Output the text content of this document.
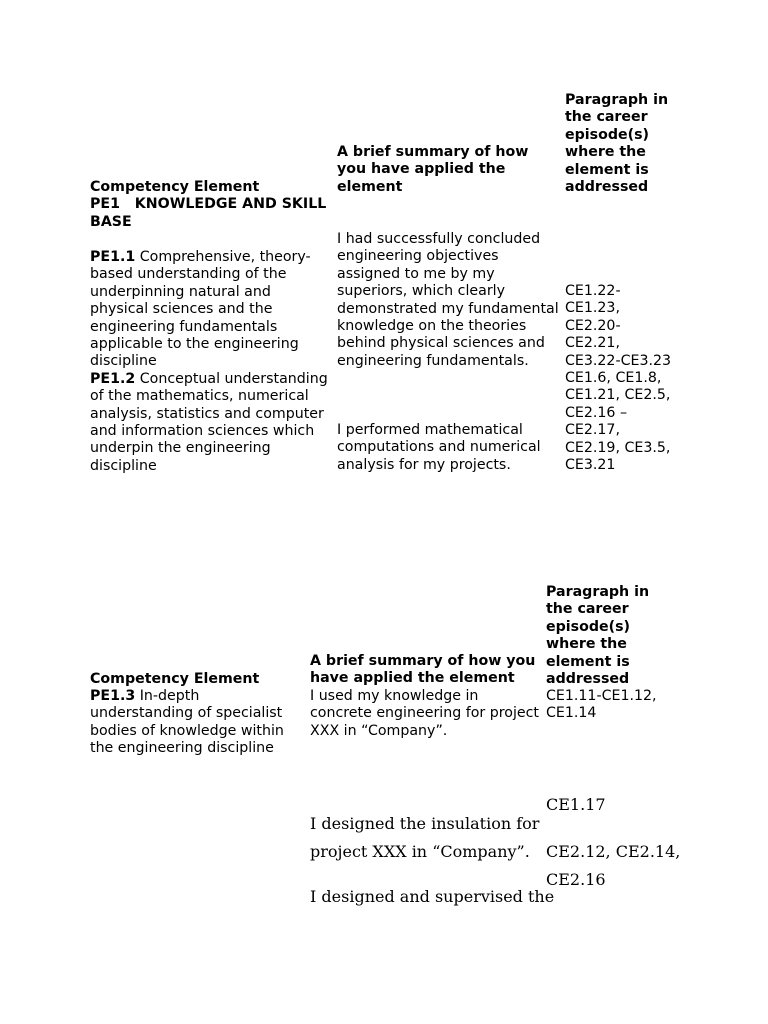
Competency Element
PE1   KNOWLEDGE AND SKILL
BASE
PE1.1 Comprehensive, theory-
based understanding of the
underpinning natural and
physical sciences and the
engineering fundamentals
applicable to the engineering
discipline
PE1.2 Conceptual understanding
of the mathematics, numerical
analysis, statistics and computer
and information sciences which
underpin the engineering
discipline
A brief summary of how
you have applied the
element
I had successfully concluded
engineering objectives
assigned to me by my
superiors, which clearly
demonstrated my fundamental
knowledge on the theories
behind physical sciences and
engineering fundamentals.
I performed mathematical
computations and numerical
analysis for my projects.
Paragraph in
the career
episode(s)
where the
element is
addressed
CE1.22-
CE1.23,
CE2.20-
CE2.21,
CE3.22-CE3.23
CE1.6, CE1.8,
CE1.21, CE2.5,
CE2.16 –
CE2.17,
CE2.19, CE3.5,
CE3.21
Competency Element
PE1.3 In-depth
understanding of specialist
bodies of knowledge within
the engineering discipline
A brief summary of how you
have applied the element
I used my knowledge in
concrete engineering for project
XXX in “Company”.
Paragraph in
the career
episode(s)
where the
element is
addressed
CE1.11-CE1.12,
CE1.14
CE1.17
I designed the insulation for
project XXX in “Company”.	CE2.12, CE2.14,
CE2.16
I designed and supervised the
